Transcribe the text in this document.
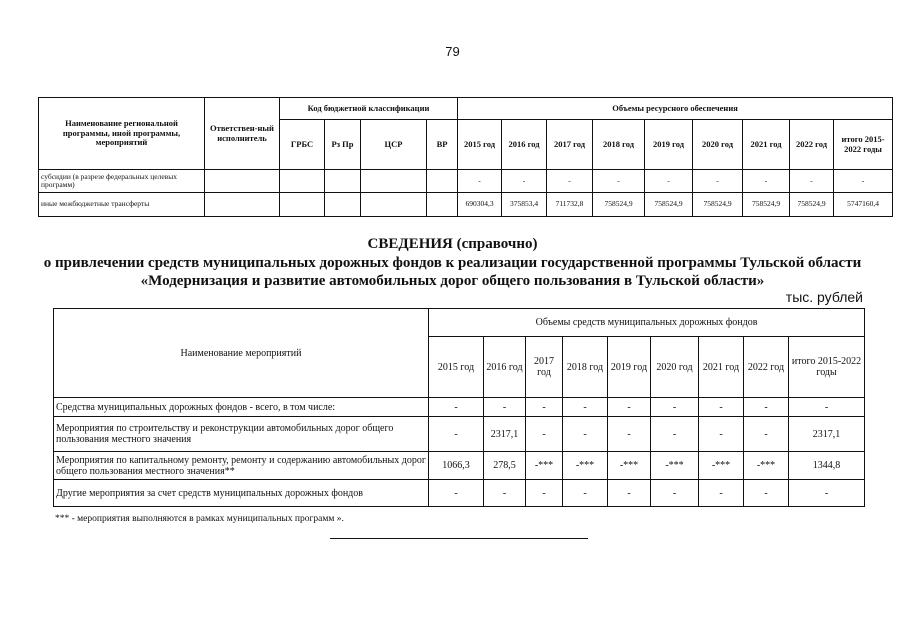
79
Наименование региональной программы, иной программы, мероприятий	Ответствен-ный исполнитель	Код бюджетной классификации				Объемы ресурсного обеспечения								
		ГРБС	Рз Пр	ЦСР	ВР	2015 год	2016 год	2017 год	2018 год	2019 год	2020 год	2021 год	2022 год	итого 2015-2022 годы
субсидии (в разрезе федеральных целевых программ)						-	-	-	-	-	-	-	-	-
иные межбюджетные трансферты						690304,3	375853,4	711732,8	758524,9	758524,9	758524,9	758524,9	758524,9	5747160,4
СВЕДЕНИЯ (справочно)
о привлечении средств муниципальных дорожных фондов к реализации государственной программы Тульской области
«Модернизация и развитие автомобильных дорог общего пользования в Тульской области»
тыс. рублей
Наименование мероприятий	Объемы средств муниципальных дорожных фондов								
	2015 год	2016 год	2017 год	2018 год	2019 год	2020 год	2021 год	2022 год	итого 2015-2022 годы
Средства муниципальных дорожных фондов - всего, в том числе:	-	-	-	-	-	-	-	-	-
Мероприятия по строительству и реконструкции автомобильных дорог общего пользования местного значения	-	2317,1	-	-	-	-	-	-	2317,1
Мероприятия по капитальному ремонту, ремонту и содержанию автомобильных дорог общего пользования местного значения**	1066,3	278,5	-***	-***	-***	-***	-***	-***	1344,8
Другие мероприятия за счет средств муниципальных дорожных фондов	-	-	-	-	-	-	-	-	-
*** - мероприятия выполняются в рамках муниципальных программ ».
